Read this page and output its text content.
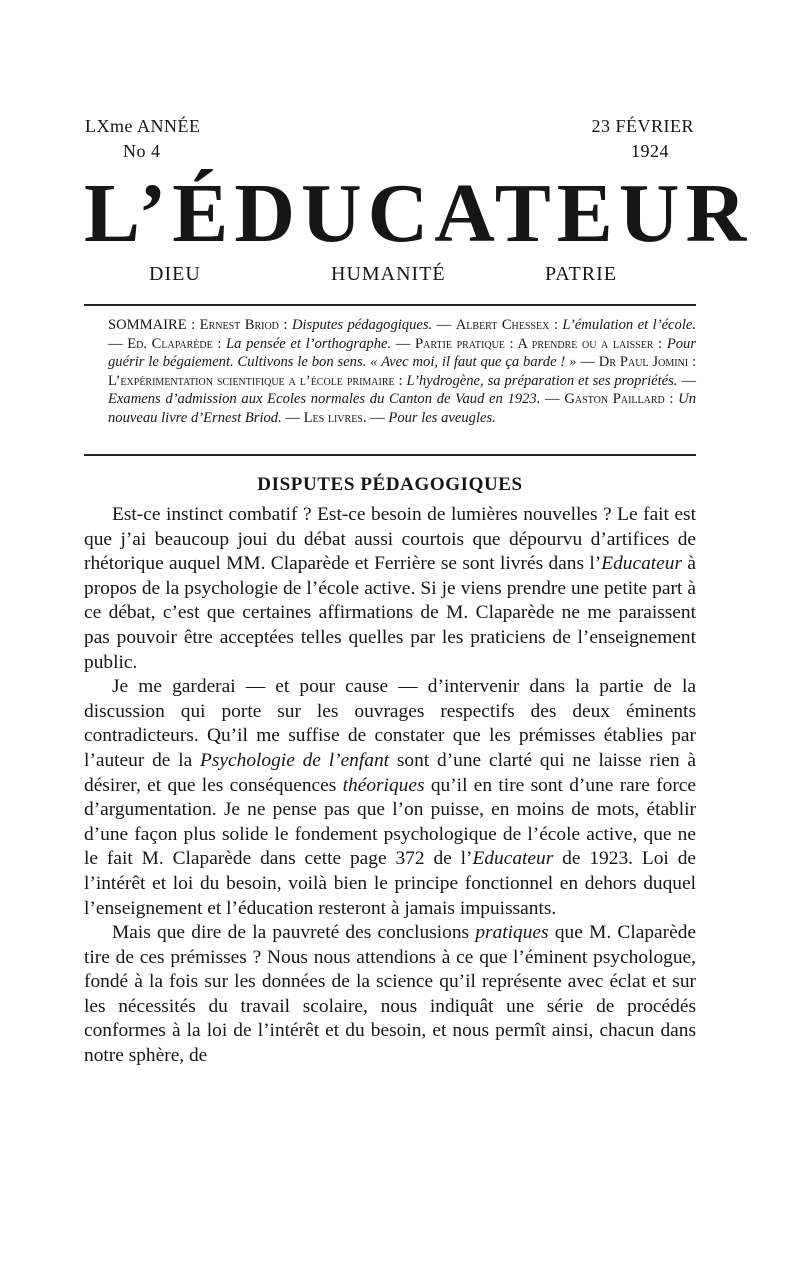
LXme ANNÉE	23 FÉVRIER
No 4	1924
L’ÉDUCATEUR
DIEU	HUMANITÉ	PATRIE

SOMMAIRE : Ernest Briod : Disputes pédagogiques. — Albert Chessex : L’émulation et l’école. — Ed. Claparède : La pensée et l’orthographe. — Partie pratique : A prendre ou a laisser : Pour guérir le bégaiement. Cultivons le bon sens. « Avec moi, il faut que ça barde ! » — Dr Paul Jomini : L’expérimentation scientifique a l’école primaire : L’hydrogène, sa préparation et ses propriétés. — Examens d’admission aux Ecoles normales du Canton de Vaud en 1923. — Gaston Paillard : Un nouveau livre d’Ernest Briod. — Les livres. — Pour les aveugles.

DISPUTES PÉDAGOGIQUES

Est-ce instinct combatif ? Est-ce besoin de lumières nouvelles ? Le fait est que j’ai beaucoup joui du débat aussi courtois que dépourvu d’artifices de rhétorique auquel MM. Claparède et Ferrière se sont livrés dans l’Educateur à propos de la psychologie de l’école active. Si je viens prendre une petite part à ce débat, c’est que certaines affirmations de M. Claparède ne me paraissent pas pouvoir être acceptées telles quelles par les praticiens de l’enseignement public.

Je me garderai — et pour cause — d’intervenir dans la partie de la discussion qui porte sur les ouvrages respectifs des deux éminents contradicteurs. Qu’il me suffise de constater que les prémisses établies par l’auteur de la Psychologie de l’enfant sont d’une clarté qui ne laisse rien à désirer, et que les conséquences théoriques qu’il en tire sont d’une rare force d’argumentation. Je ne pense pas que l’on puisse, en moins de mots, établir d’une façon plus solide le fondement psychologique de l’école active, que ne le fait M. Claparède dans cette page 372 de l’Educateur de 1923. Loi de l’intérêt et loi du besoin, voilà bien le principe fonctionnel en dehors duquel l’enseignement et l’éducation resteront à jamais impuissants.

Mais que dire de la pauvreté des conclusions pratiques que M. Claparède tire de ces prémisses ? Nous nous attendions à ce que l’éminent psychologue, fondé à la fois sur les données de la science qu’il représente avec éclat et sur les nécessités du travail scolaire, nous indiquât une série de procédés conformes à la loi de l’intérêt et du besoin, et nous permît ainsi, chacun dans notre sphère, de
